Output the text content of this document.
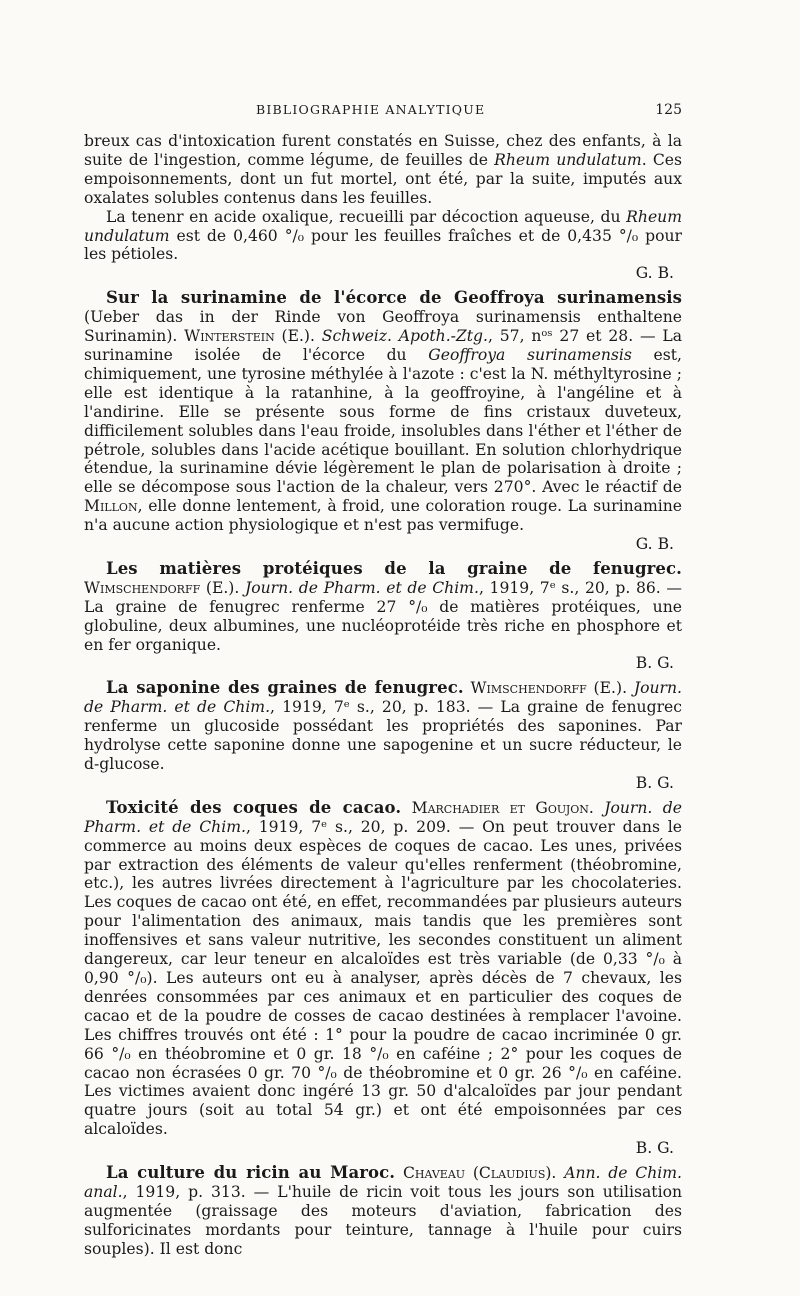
BIBLIOGRAPHIE ANALYTIQUE	125

breux cas d'intoxication furent constatés en Suisse, chez des enfants, à la suite de l'ingestion, comme légume, de feuilles de Rheum undulatum. Ces empoisonnements, dont un fut mortel, ont été, par la suite, imputés aux oxalates solubles contenus dans les feuilles.

La tenenr en acide oxalique, recueilli par décoction aqueuse, du Rheum undulatum est de 0,460 °/₀ pour les feuilles fraîches et de 0,435 °/₀ pour les pétioles.

G. B.

Sur la surinamine de l'écorce de Geoffroya surinamensis (Ueber das in der Rinde von Geoffroya surinamensis enthaltene Surinamin). Winterstein (E.). Schweiz. Apoth.-Ztg., 57, nᵒˢ 27 et 28. — La surinamine isolée de l'écorce du Geoffroya surinamensis est, chimiquement, une tyrosine méthylée à l'azote : c'est la N. méthyltyrosine ; elle est identique à la ratanhine, à la geoffroyine, à l'angéline et à l'andirine. Elle se présente sous forme de fins cristaux duveteux, difficilement solubles dans l'eau froide, insolubles dans l'éther et l'éther de pétrole, solubles dans l'acide acétique bouillant. En solution chlorhydrique étendue, la surinamine dévie légèrement le plan de polarisation à droite ; elle se décompose sous l'action de la chaleur, vers 270°. Avec le réactif de Millon, elle donne lentement, à froid, une coloration rouge. La surinamine n'a aucune action physiologique et n'est pas vermifuge.

G. B.

Les matières protéiques de la graine de fenugrec. Wimschendorff (E.). Journ. de Pharm. et de Chim., 1919, 7ᵉ s., 20, p. 86. — La graine de fenugrec renferme 27 °/₀ de matières protéiques, une globuline, deux albumines, une nucléoprotéide très riche en phosphore et en fer organique.

B. G.

La saponine des graines de fenugrec. Wimschendorff (E.). Journ. de Pharm. et de Chim., 1919, 7ᵉ s., 20, p. 183. — La graine de fenugrec renferme un glucoside possédant les propriétés des saponines. Par hydrolyse cette saponine donne une sapogenine et un sucre réducteur, le d-glucose.

B. G.

Toxicité des coques de cacao. Marchadier et Goujon. Journ. de Pharm. et de Chim., 1919, 7ᵉ s., 20, p. 209. — On peut trouver dans le commerce au moins deux espèces de coques de cacao. Les unes, privées par extraction des éléments de valeur qu'elles renferment (théobromine, etc.), les autres livrées directement à l'agriculture par les chocolateries. Les coques de cacao ont été, en effet, recommandées par plusieurs auteurs pour l'alimentation des animaux, mais tandis que les premières sont inoffensives et sans valeur nutritive, les secondes constituent un aliment dangereux, car leur teneur en alcaloïdes est très variable (de 0,33 °/₀ à 0,90 °/₀). Les auteurs ont eu à analyser, après décès de 7 chevaux, les denrées consommées par ces animaux et en particulier des coques de cacao et de la poudre de cosses de cacao destinées à remplacer l'avoine. Les chiffres trouvés ont été : 1° pour la poudre de cacao incriminée 0 gr. 66 °/₀ en théobromine et 0 gr. 18 °/₀ en caféine ; 2° pour les coques de cacao non écrasées 0 gr. 70 °/₀ de théobromine et 0 gr. 26 °/₀ en caféine. Les victimes avaient donc ingéré 13 gr. 50 d'alcaloïdes par jour pendant quatre jours (soit au total 54 gr.) et ont été empoisonnées par ces alcaloïdes.

B. G.

La culture du ricin au Maroc. Chaveau (Claudius). Ann. de Chim. anal., 1919, p. 313. — L'huile de ricin voit tous les jours son utilisation augmentée (graissage des moteurs d'aviation, fabrication des sulforicinates mordants pour teinture, tannage à l'huile pour cuirs souples). Il est donc
